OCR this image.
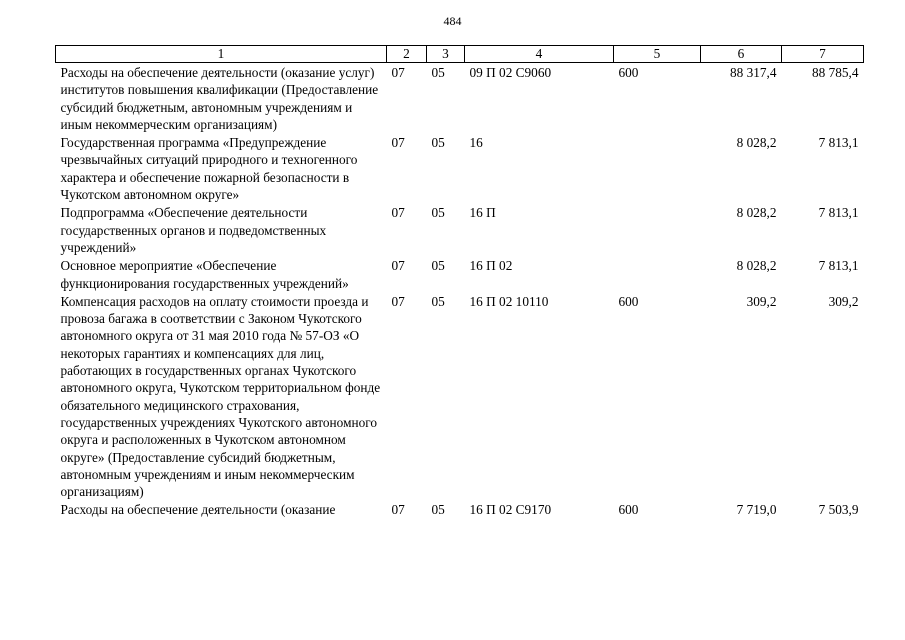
484
1	2	3	4	5	6	7
Расходы на обеспечение деятельности (оказание услуг) институтов повышения квалификации (Предоставление субсидий бюджетным, автономным учреждениям и иным некоммерческим организациям)	07	05	09 П 02 С9060	600	88 317,4	88 785,4
Государственная программа «Предупреждение чрезвычайных ситуаций природного и техногенного характера и обеспечение пожарной безопасности в Чукотском автономном округе»	07	05	16		8 028,2	7 813,1
Подпрограмма «Обеспечение деятельности государственных органов и подведомственных учреждений»	07	05	16 П		8 028,2	7 813,1
Основное мероприятие «Обеспечение функционирования государственных учреждений»	07	05	16 П 02		8 028,2	7 813,1
Компенсация расходов на оплату стоимости проезда и провоза багажа в соответствии с Законом Чукотского автономного округа от 31 мая 2010 года № 57-ОЗ «О некоторых гарантиях и компенсациях для лиц, работающих в государственных органах Чукотского автономного округа, Чукотском территориальном фонде обязательного медицинского страхования, государственных учреждениях Чукотского автономного округа и расположенных в Чукотском автономном округе» (Предоставление субсидий бюджетным, автономным учреждениям и иным некоммерческим организациям)	07	05	16 П 02 10110	600	309,2	309,2
Расходы на обеспечение деятельности (оказание	07	05	16 П 02 С9170	600	7 719,0	7 503,9
